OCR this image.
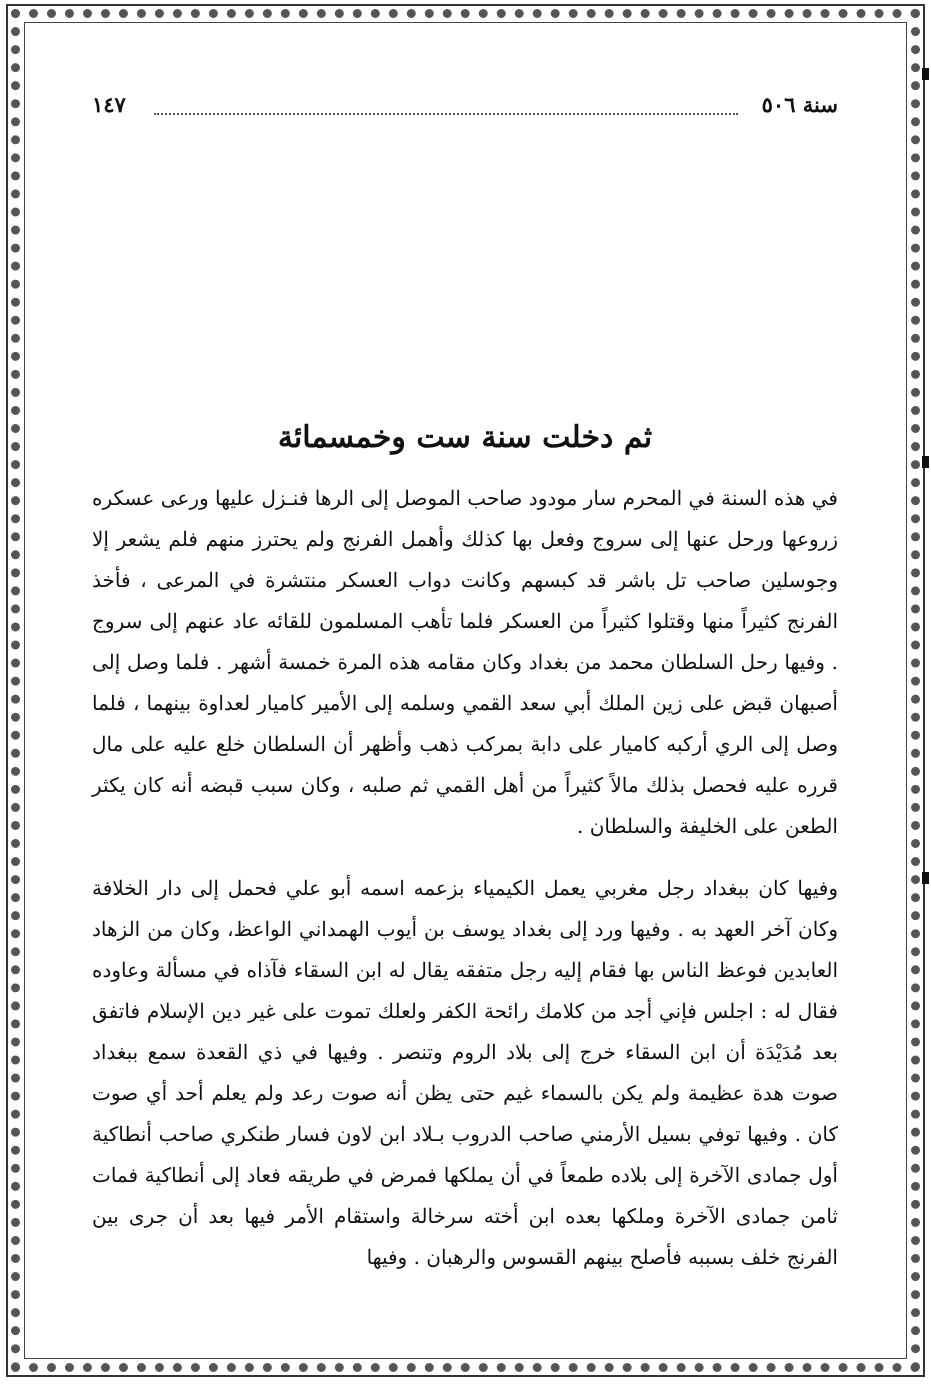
سنة ٥٠٦
١٤٧
ثم دخلت سنة ست وخمسمائة

في هذه السنة في المحرم سار مودود صاحب الموصل إلى الرها فنـزل عليها ورعى عسكره زروعها ورحل عنها إلى سروج وفعل بها كذلك وأهمل الفرنج ولم يحترز منهم فلم يشعر إلا وجوسلين صاحب تل باشر قد كبسهم وكانت دواب العسكر منتشرة في المرعى ، فأخذ الفرنج كثيراً منها وقتلوا كثيراً من العسكر فلما تأهب المسلمون للقائه عاد عنهم إلى سروج . وفيها رحل السلطان محمد من بغداد وكان مقامه هذه المرة خمسة أشهر . فلما وصل إلى أصبهان قبض على زين الملك أبي سعد القمي وسلمه إلى الأمير كاميار لعداوة بينهما ، فلما وصل إلى الري أركبه كاميار على دابة بمركب ذهب وأظهر أن السلطان خلع عليه على مال قرره عليه فحصل بذلك مالاً كثيراً من أهل القمي ثم صلبه ، وكان سبب قبضه أنه كان يكثر الطعن على الخليفة والسلطان .

وفيها كان ببغداد رجل مغربي يعمل الكيمياء بزعمه اسمه أبو علي فحمل إلى دار الخلافة وكان آخر العهد به . وفيها ورد إلى بغداد يوسف بن أيوب الهمداني الواعظ، وكان من الزهاد العابدين فوعظ الناس بها فقام إليه رجل متفقه يقال له ابن السقاء فآذاه في مسألة وعاوده فقال له : اجلس فإني أجد من كلامك رائحة الكفر ولعلك تموت على غير دين الإسلام فاتفق بعد مُدَيْدَة أن ابن السقاء خرج إلى بلاد الروم وتنصر . وفيها في ذي القعدة سمع ببغداد صوت هدة عظيمة ولم يكن بالسماء غيم حتى يظن أنه صوت رعد ولم يعلم أحد أي صوت كان . وفيها توفي بسيل الأرمني صاحب الدروب بـلاد ابن لاون فسار طنكري صاحب أنطاكية أول جمادى الآخرة إلى بلاده طمعاً في أن يملكها فمرض في طريقه فعاد إلى أنطاكية فمات ثامن جمادى الآخرة وملكها بعده ابن أخته سرخالة واستقام الأمر فيها بعد أن جرى بين الفرنج خلف بسببه فأصلح بينهم القسوس والرهبان . وفيها
